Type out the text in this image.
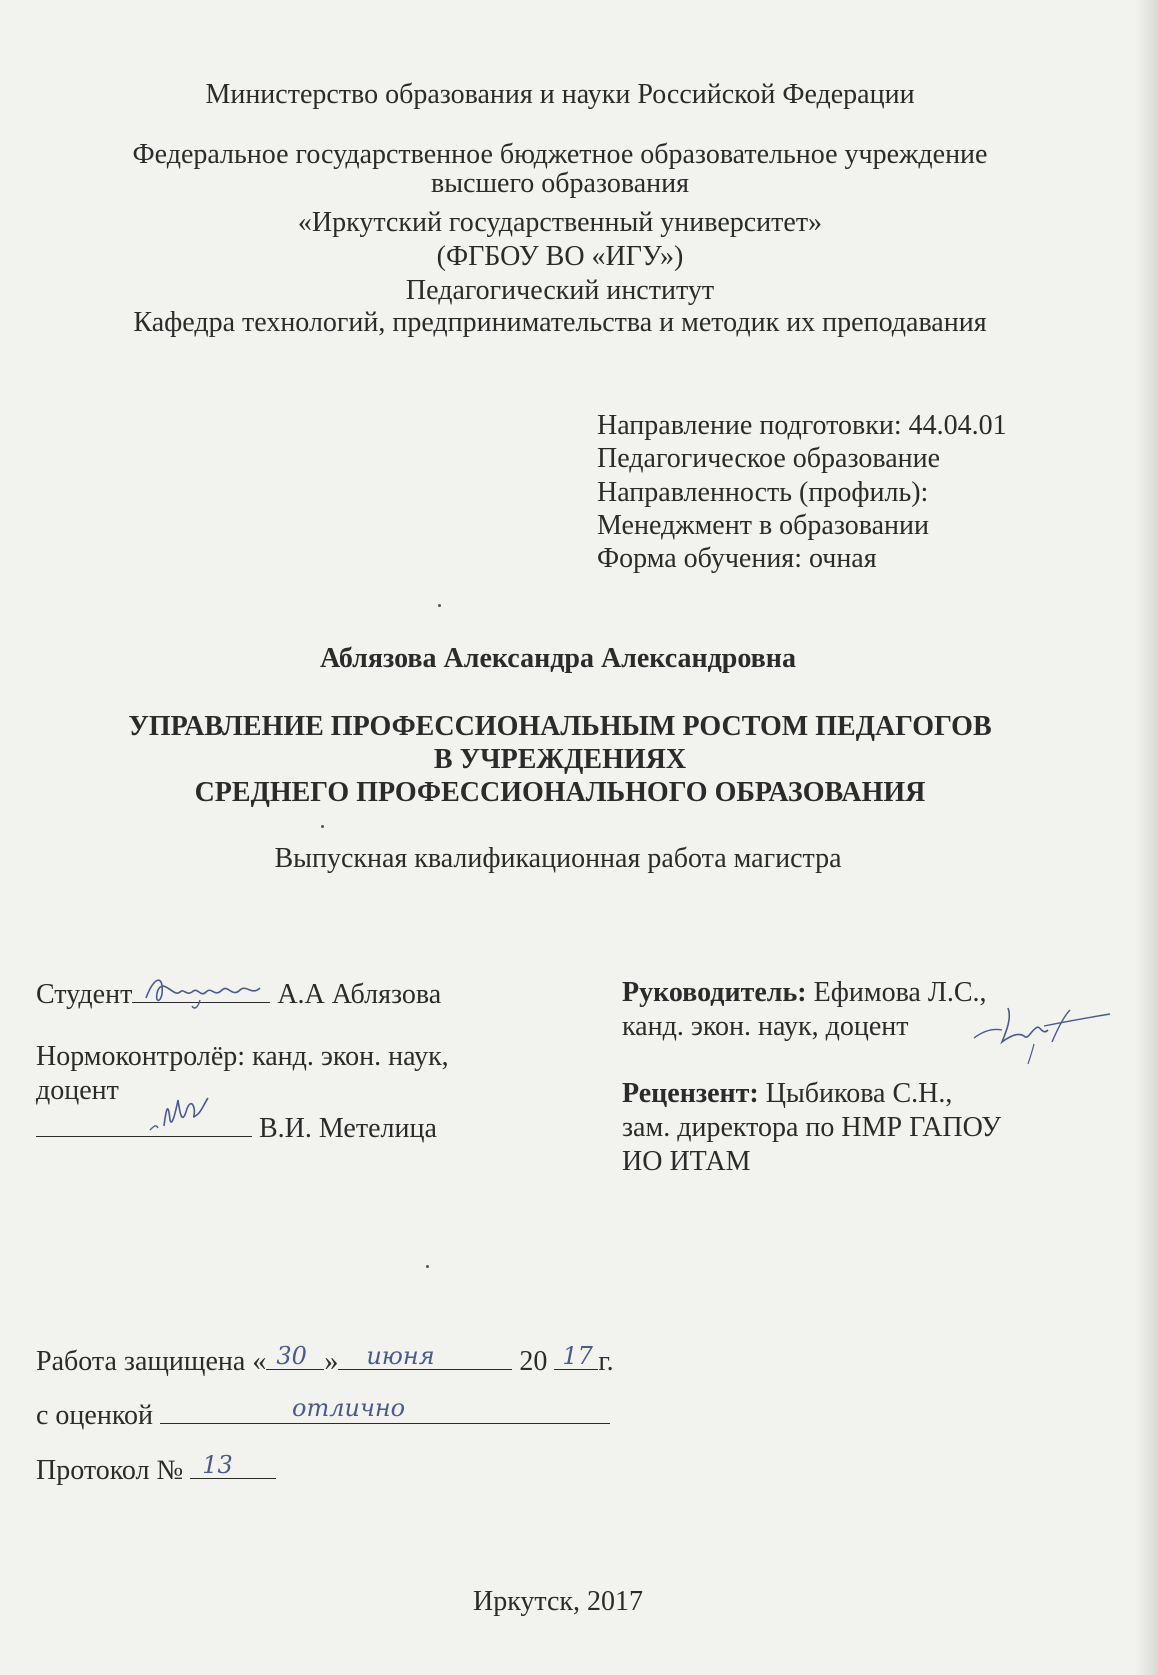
Министерство образования и науки Российской Федерации
Федеральное государственное бюджетное образовательное учреждение
высшего образования
«Иркутский государственный университет»
(ФГБОУ ВО «ИГУ»)
Педагогический институт
Кафедра технологий, предпринимательства и методик их преподавания
Направление подготовки: 44.04.01
Педагогическое образование
Направленность (профиль):
Менеджмент в образовании
Форма обучения: очная
Аблязова Александра Александровна
УПРАВЛЕНИЕ ПРОФЕССИОНАЛЬНЫМ РОСТОМ ПЕДАГОГОВ
В УЧРЕЖДЕНИЯХ
СРЕДНЕГО ПРОФЕССИОНАЛЬНОГО ОБРАЗОВАНИЯ
Выпускная квалификационная работа магистра
Студент	А.А Аблязова
Нормоконтролёр: канд. экон. наук,
доцент
В.И. Метелица
Руководитель: Ефимова Л.С.,
канд. экон. наук, доцент
Рецензент: Цыбикова С.Н.,
зам. директора по НМР ГАПОУ
ИО ИТАМ
Работа защищена « 30 » июня	20 17 г.
с оценкой	отлично
Протокол № 13
Иркутск, 2017
